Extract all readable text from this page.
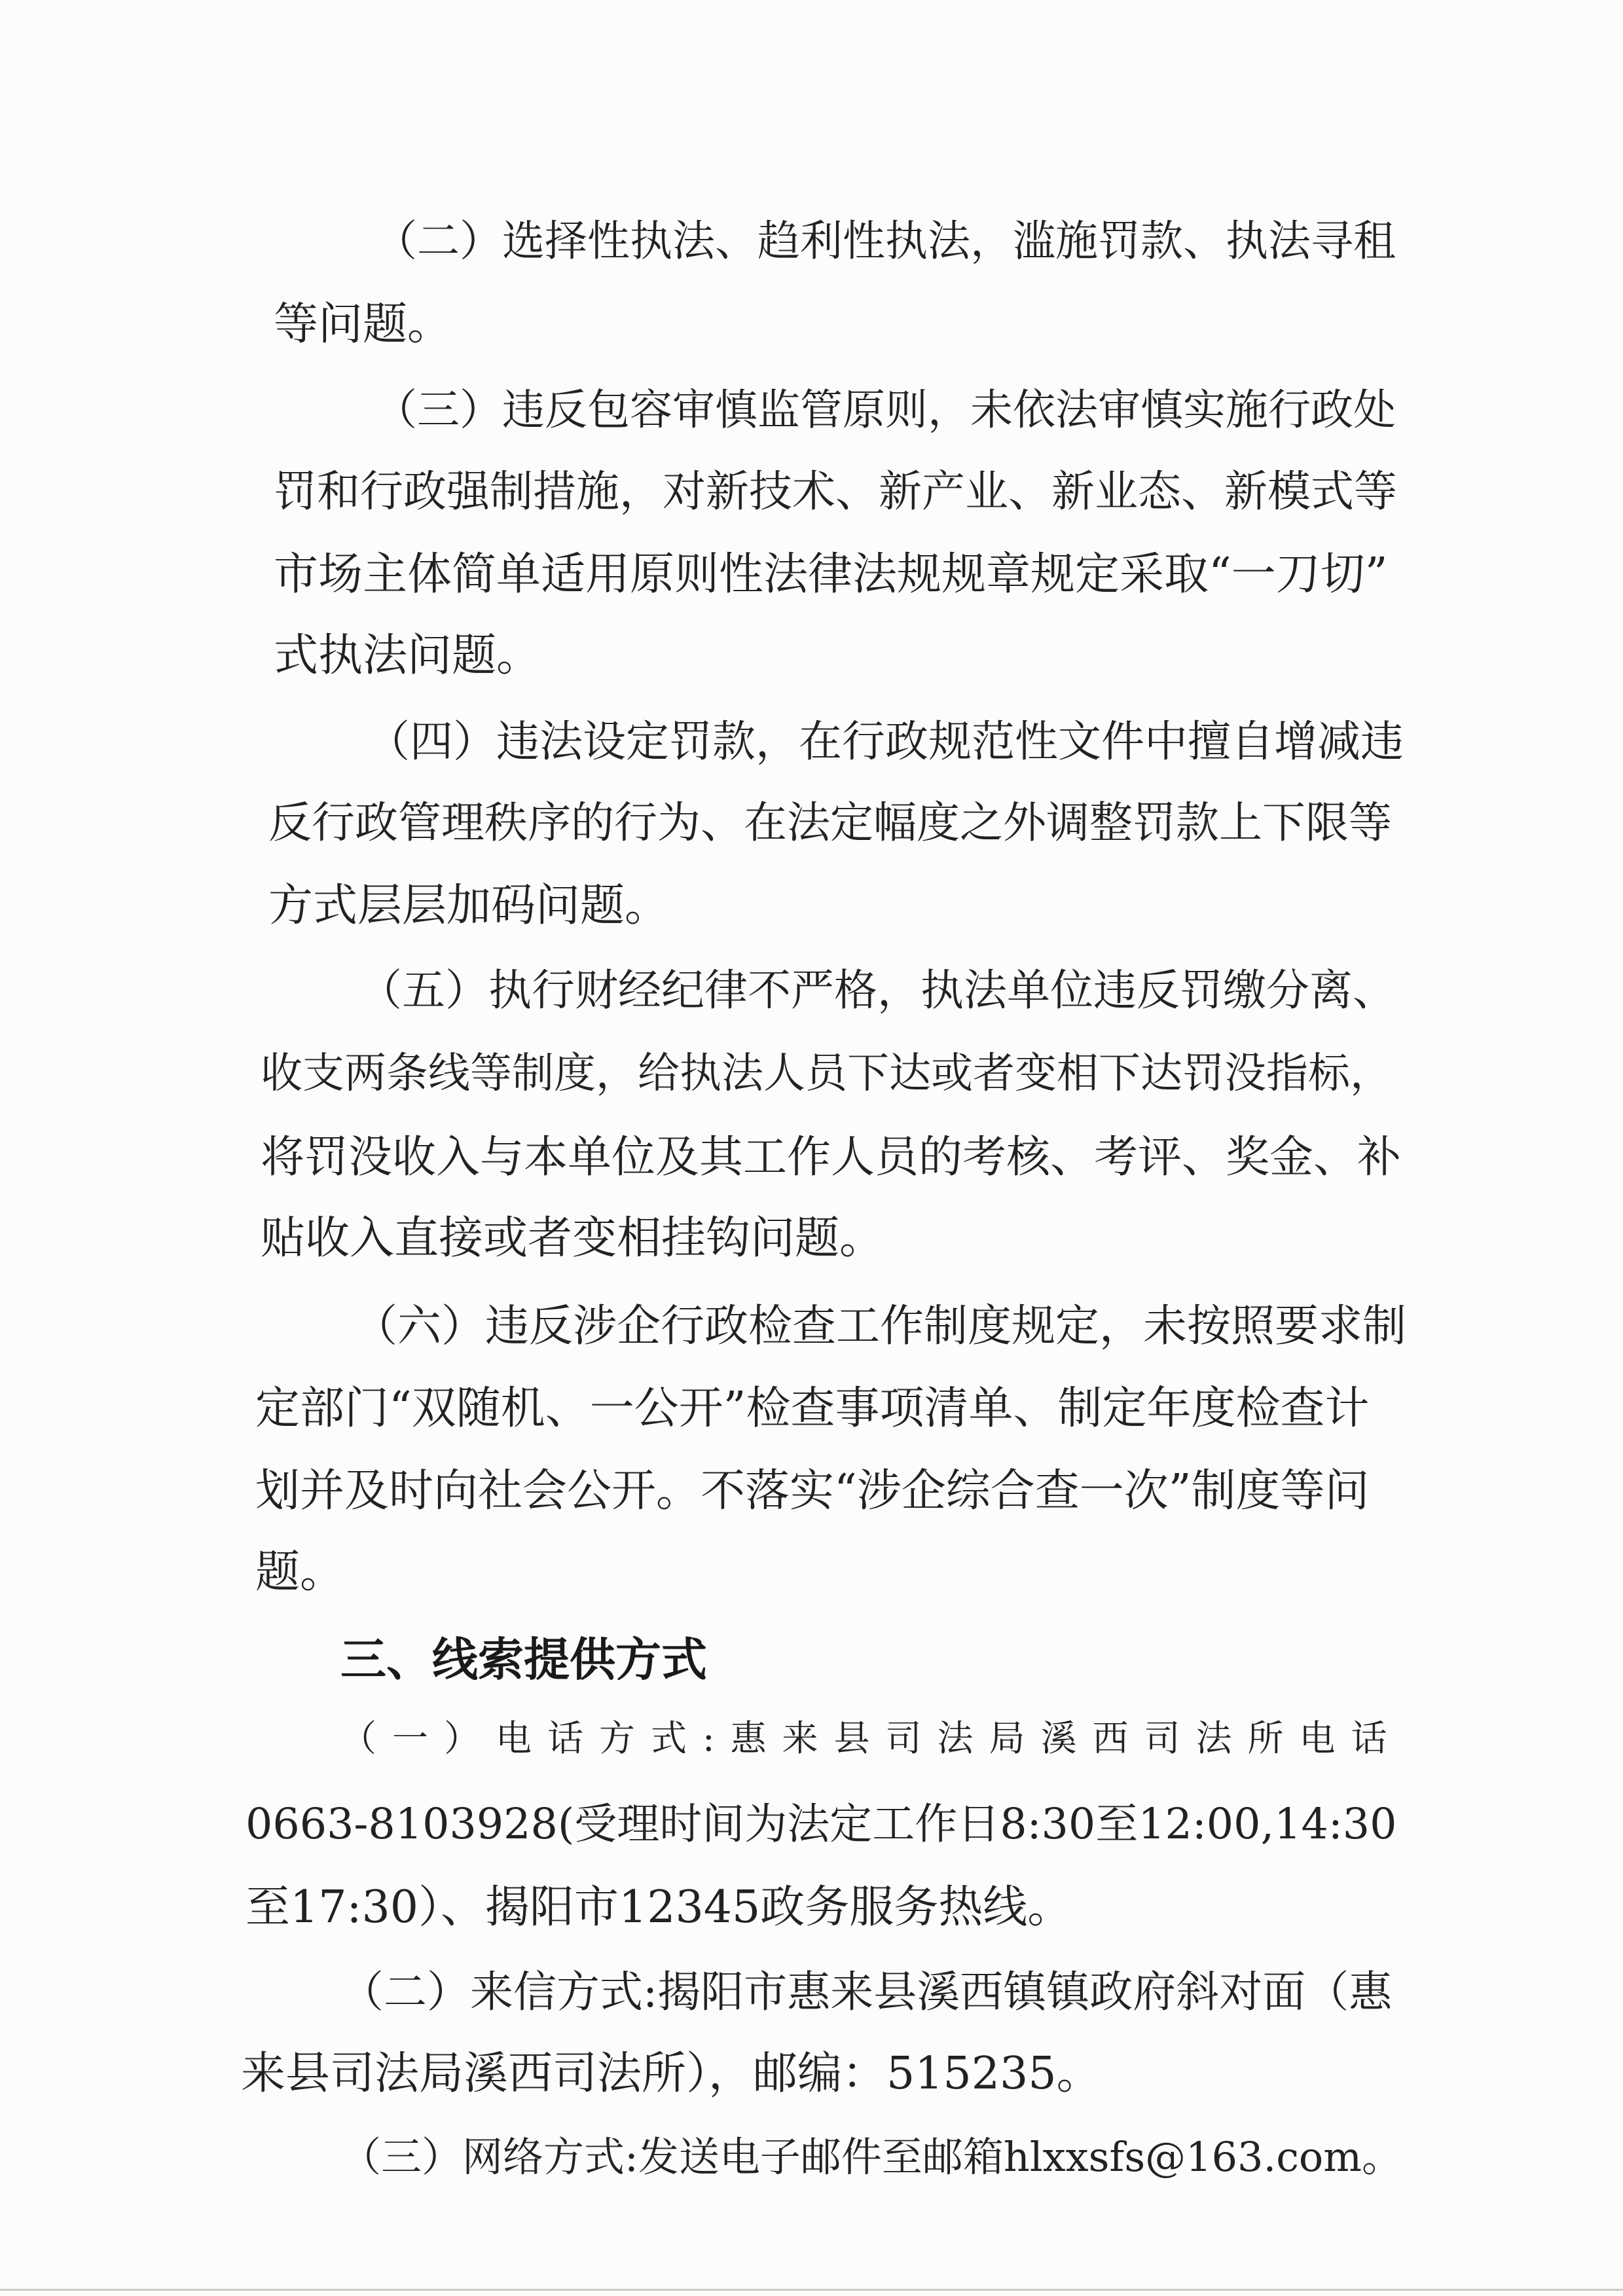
（二）选择性执法、趋利性执法，滥施罚款、执法寻租
等问题。
（三）违反包容审慎监管原则，未依法审慎实施行政处
罚和行政强制措施，对新技术、新产业、新业态、新模式等
市场主体简单适用原则性法律法规规章规定采取“一刀切”
式执法问题。
（四）违法设定罚款，在行政规范性文件中擅自增减违
反行政管理秩序的行为、在法定幅度之外调整罚款上下限等
方式层层加码问题。
（五）执行财经纪律不严格，执法单位违反罚缴分离、
收支两条线等制度，给执法人员下达或者变相下达罚没指标，
将罚没收入与本单位及其工作人员的考核、考评、奖金、补
贴收入直接或者变相挂钩问题。
（六）违反涉企行政检查工作制度规定，未按照要求制
定部门“双随机、一公开”检查事项清单、制定年度检查计
划并及时向社会公开。不落实“涉企综合查一次”制度等问
题。
三、线索提供方式
（一）电话方式:惠来县司法局溪西司法所电话
0663-8103928(受理时间为法定工作日8:30至12:00,14:30
至17:30）、揭阳市12345政务服务热线。
（二）来信方式:揭阳市惠来县溪西镇镇政府斜对面（惠
来县司法局溪西司法所），邮编：515235。
（三）网络方式:发送电子邮件至邮箱hlxxsfs@163.com。
